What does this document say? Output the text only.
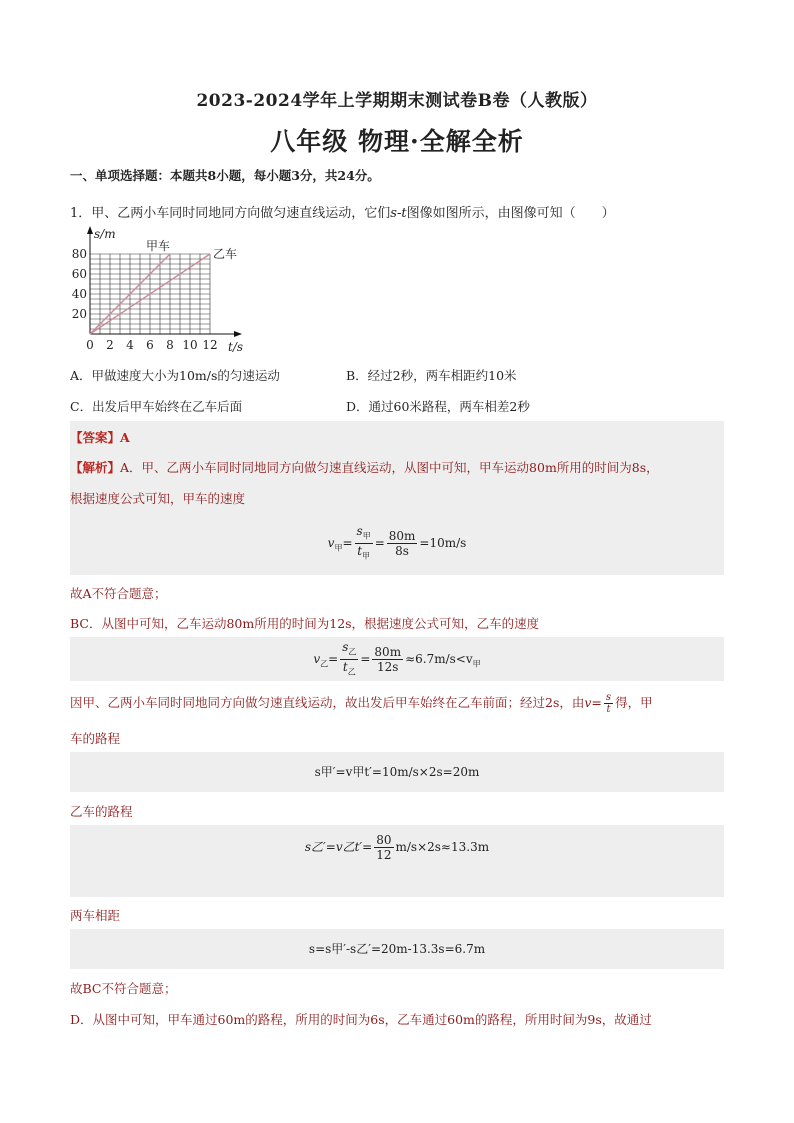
2023-2024学年上学期期末测试卷B卷（人教版）
八年级 物理·全解全析
一、单项选择题：本题共8小题，每小题3分，共24分。
1．甲、乙两小车同时同地同方向做匀速直线运动，它们s-t图像如图所示，由图像可知（　　）
甲车
乙车
0 2 4 6 8 10 12
20
40
60
80
t/s
s/m
A．甲做速度大小为10m/s的匀速运动	B．经过2秒，两车相距约10米
C．出发后甲车始终在乙车后面	D．通过60米路程，两车相差2秒
【答案】A
【解析】A．甲、乙两小车同时同地同方向做匀速直线运动，从图中可知，甲车运动80m所用的时间为8s，
根据速度公式可知，甲车的速度
$v_甲= \frac{s_甲}{t_甲} = \frac{80m}{8s} =10m/s$
故A不符合题意；
BC．从图中可知，乙车运动80m所用的时间为12s，根据速度公式可知，乙车的速度
$v_乙= \frac{s_乙}{t_乙} = \frac{80m}{12s} \approx 6.7m/s<v_甲$
因甲、乙两小车同时同地同方向做匀速直线运动，故出发后甲车始终在乙车前面；经过2s，由$v= \frac{s}{t}$ 得，甲
车的路程
s甲′=v甲t′=10m/s×2s=20m
乙车的路程
s乙′=v乙$t'= \frac{80}{12} m/s\times 2s\approx 13.3m$
两车相距
s=s甲′-s乙′=20m-13.3s=6.7m
故BC不符合题意；
D．从图中可知，甲车通过60m的路程，所用的时间为6s，乙车通过60m的路程，所用时间为9s，故通过
